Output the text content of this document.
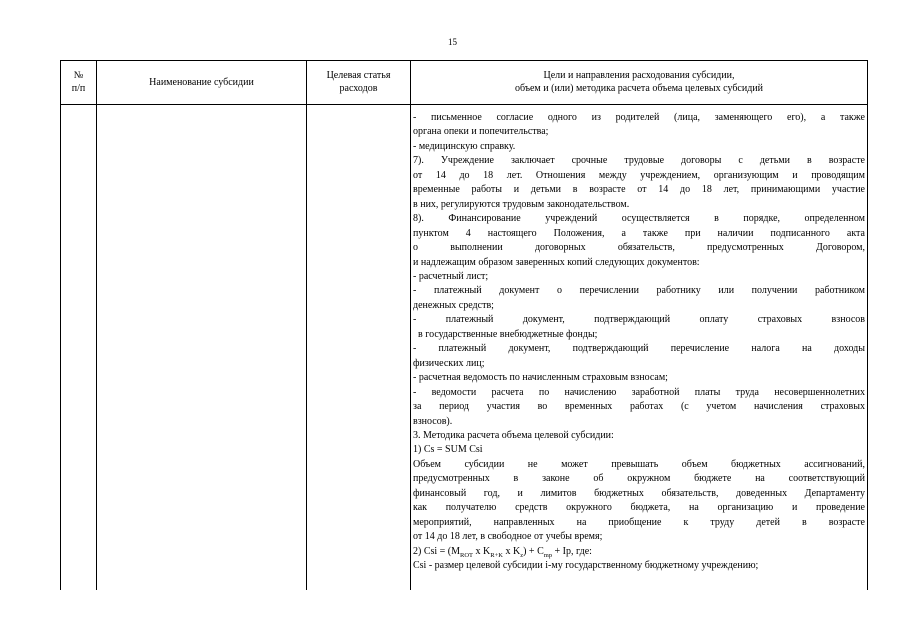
15
№
п/п
Наименование субсидии
Целевая статья
расходов
Цели и направления расходования субсидии,
объем и (или) методика расчета объема целевых субсидий
- письменное согласие одного из родителей (лица, заменяющего его), а также
органа опеки и попечительства;
- медицинскую справку.
7). Учреждение заключает срочные трудовые договоры с детьми в возрасте
от 14 до 18 лет. Отношения между учреждением, организующим и проводящим
временные работы и детьми в возрасте от 14 до 18 лет, принимающими участие
в них, регулируются трудовым законодательством.
8). Финансирование учреждений осуществляется в порядке, определенном
пунктом 4 настоящего Положения, а также при наличии подписанного акта
о выполнении договорных обязательств, предусмотренных Договором,
и надлежащим образом заверенных копий следующих документов:
- расчетный лист;
- платежный документ о перечислении работнику или получении работником
денежных средств;
- платежный документ, подтверждающий оплату страховых взносов
в государственные внебюджетные фонды;
- платежный документ, подтверждающий перечисление налога на доходы
физических лиц;
- расчетная ведомость по начисленным страховым взносам;
- ведомости расчета по начислению заработной платы труда несовершеннолетних
за период участия во временных работах (с учетом начисления страховых
взносов).
3. Методика расчета объема целевой субсидии:
1) Cs = SUM Csi
Объем субсидии не может превышать объем бюджетных ассигнований,
предусмотренных в законе об окружном бюджете на соответствующий
финансовый год, и лимитов бюджетных обязательств, доведенных Департаменту
как получателю средств окружного бюджета, на организацию и проведение
мероприятий, направленных на приобщение к труду детей в возрасте
от 14 до 18 лет, в свободное от учебы время;
2) Csi = ($M_{ROT}$ x $K_{R+K}$ x $K_z) + C_{mp} + Ip$, где:
Csi - размер целевой субсидии i-му государственному бюджетному учреждению;
